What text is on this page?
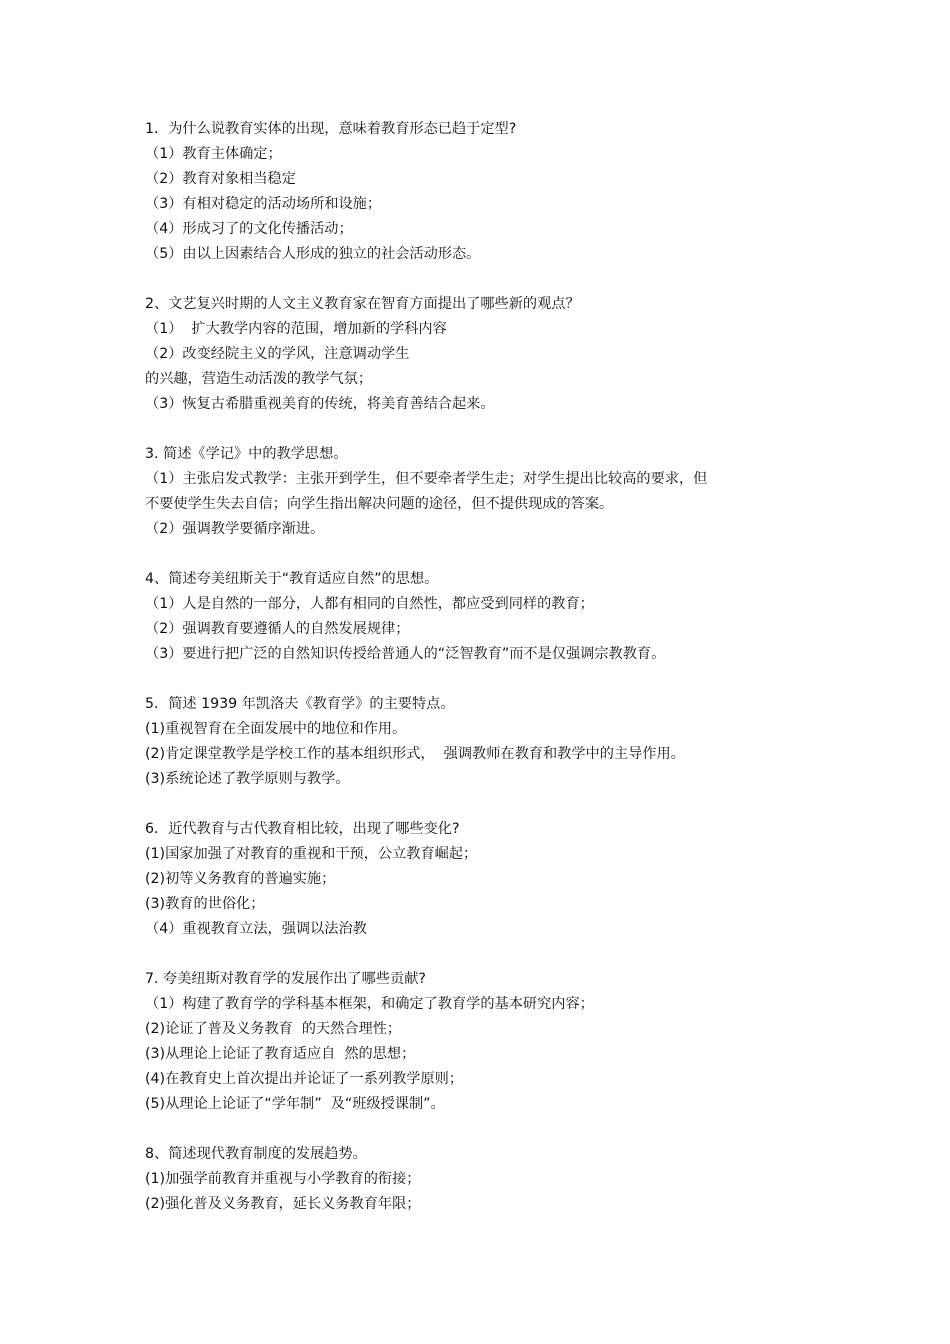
1．为什么说教育实体的出现，意味着教育形态已趋于定型?
（1）教育主体确定；
（2）教育对象相当稳定
（3）有相对稳定的活动场所和设施；
（4）形成习了的文化传播活动；
（5）由以上因素结合人形成的独立的社会活动形态。
2、文艺复兴时期的人文主义教育家在智育方面提出了哪些新的观点？
（1）  扩大教学内容的范围，增加新的学科内容
（2）改变经院主义的学风，注意调动学生
的兴趣，营造生动活泼的教学气氛；
（3）恢复古希腊重视美育的传统，将美育善结合起来。
3. 简述《学记》中的教学思想。
（1）主张启发式教学：主张开到学生，但不要牵者学生走；对学生提出比较高的要求，但
不要使学生失去自信；向学生指出解决问题的途径，但不提供现成的答案。
（2）强调教学要循序渐进。
4、简述夸美纽斯关于“教育适应自然”的思想。
（1）人是自然的一部分，人都有相同的自然性，都应受到同样的教育；
（2）强调教育要遵循人的自然发展规律；
（3）要进行把广泛的自然知识传授给普通人的“泛智教育”而不是仅强调宗教教育。
5．简述 1939 年凯洛夫《教育学》的主要特点。
(1)重视智育在全面发展中的地位和作用。
(2)肯定课堂教学是学校工作的基本组织形式，  强调教师在教育和教学中的主导作用。
(3)系统论述了教学原则与教学。
6．近代教育与古代教育相比较，出现了哪些变化?
(1)国家加强了对教育的重视和干预，公立教育崛起；
(2)初等义务教育的普遍实施；
(3)教育的世俗化；
（4）重视教育立法，强调以法治教
7. 夸美纽斯对教育学的发展作出了哪些贡献?
（1）构建了教育学的学科基本框架，和确定了教育学的基本研究内容；
(2)论证了普及义务教育  的天然合理性；
(3)从理论上论证了教育适应自  然的思想；
(4)在教育史上首次提出并论证了一系列教学原则；
(5)从理论上论证了“学年制”  及“班级授课制”。
8、简述现代教育制度的发展趋势。
(1)加强学前教育并重视与小学教育的衔接；
(2)强化普及义务教育，延长义务教育年限；
